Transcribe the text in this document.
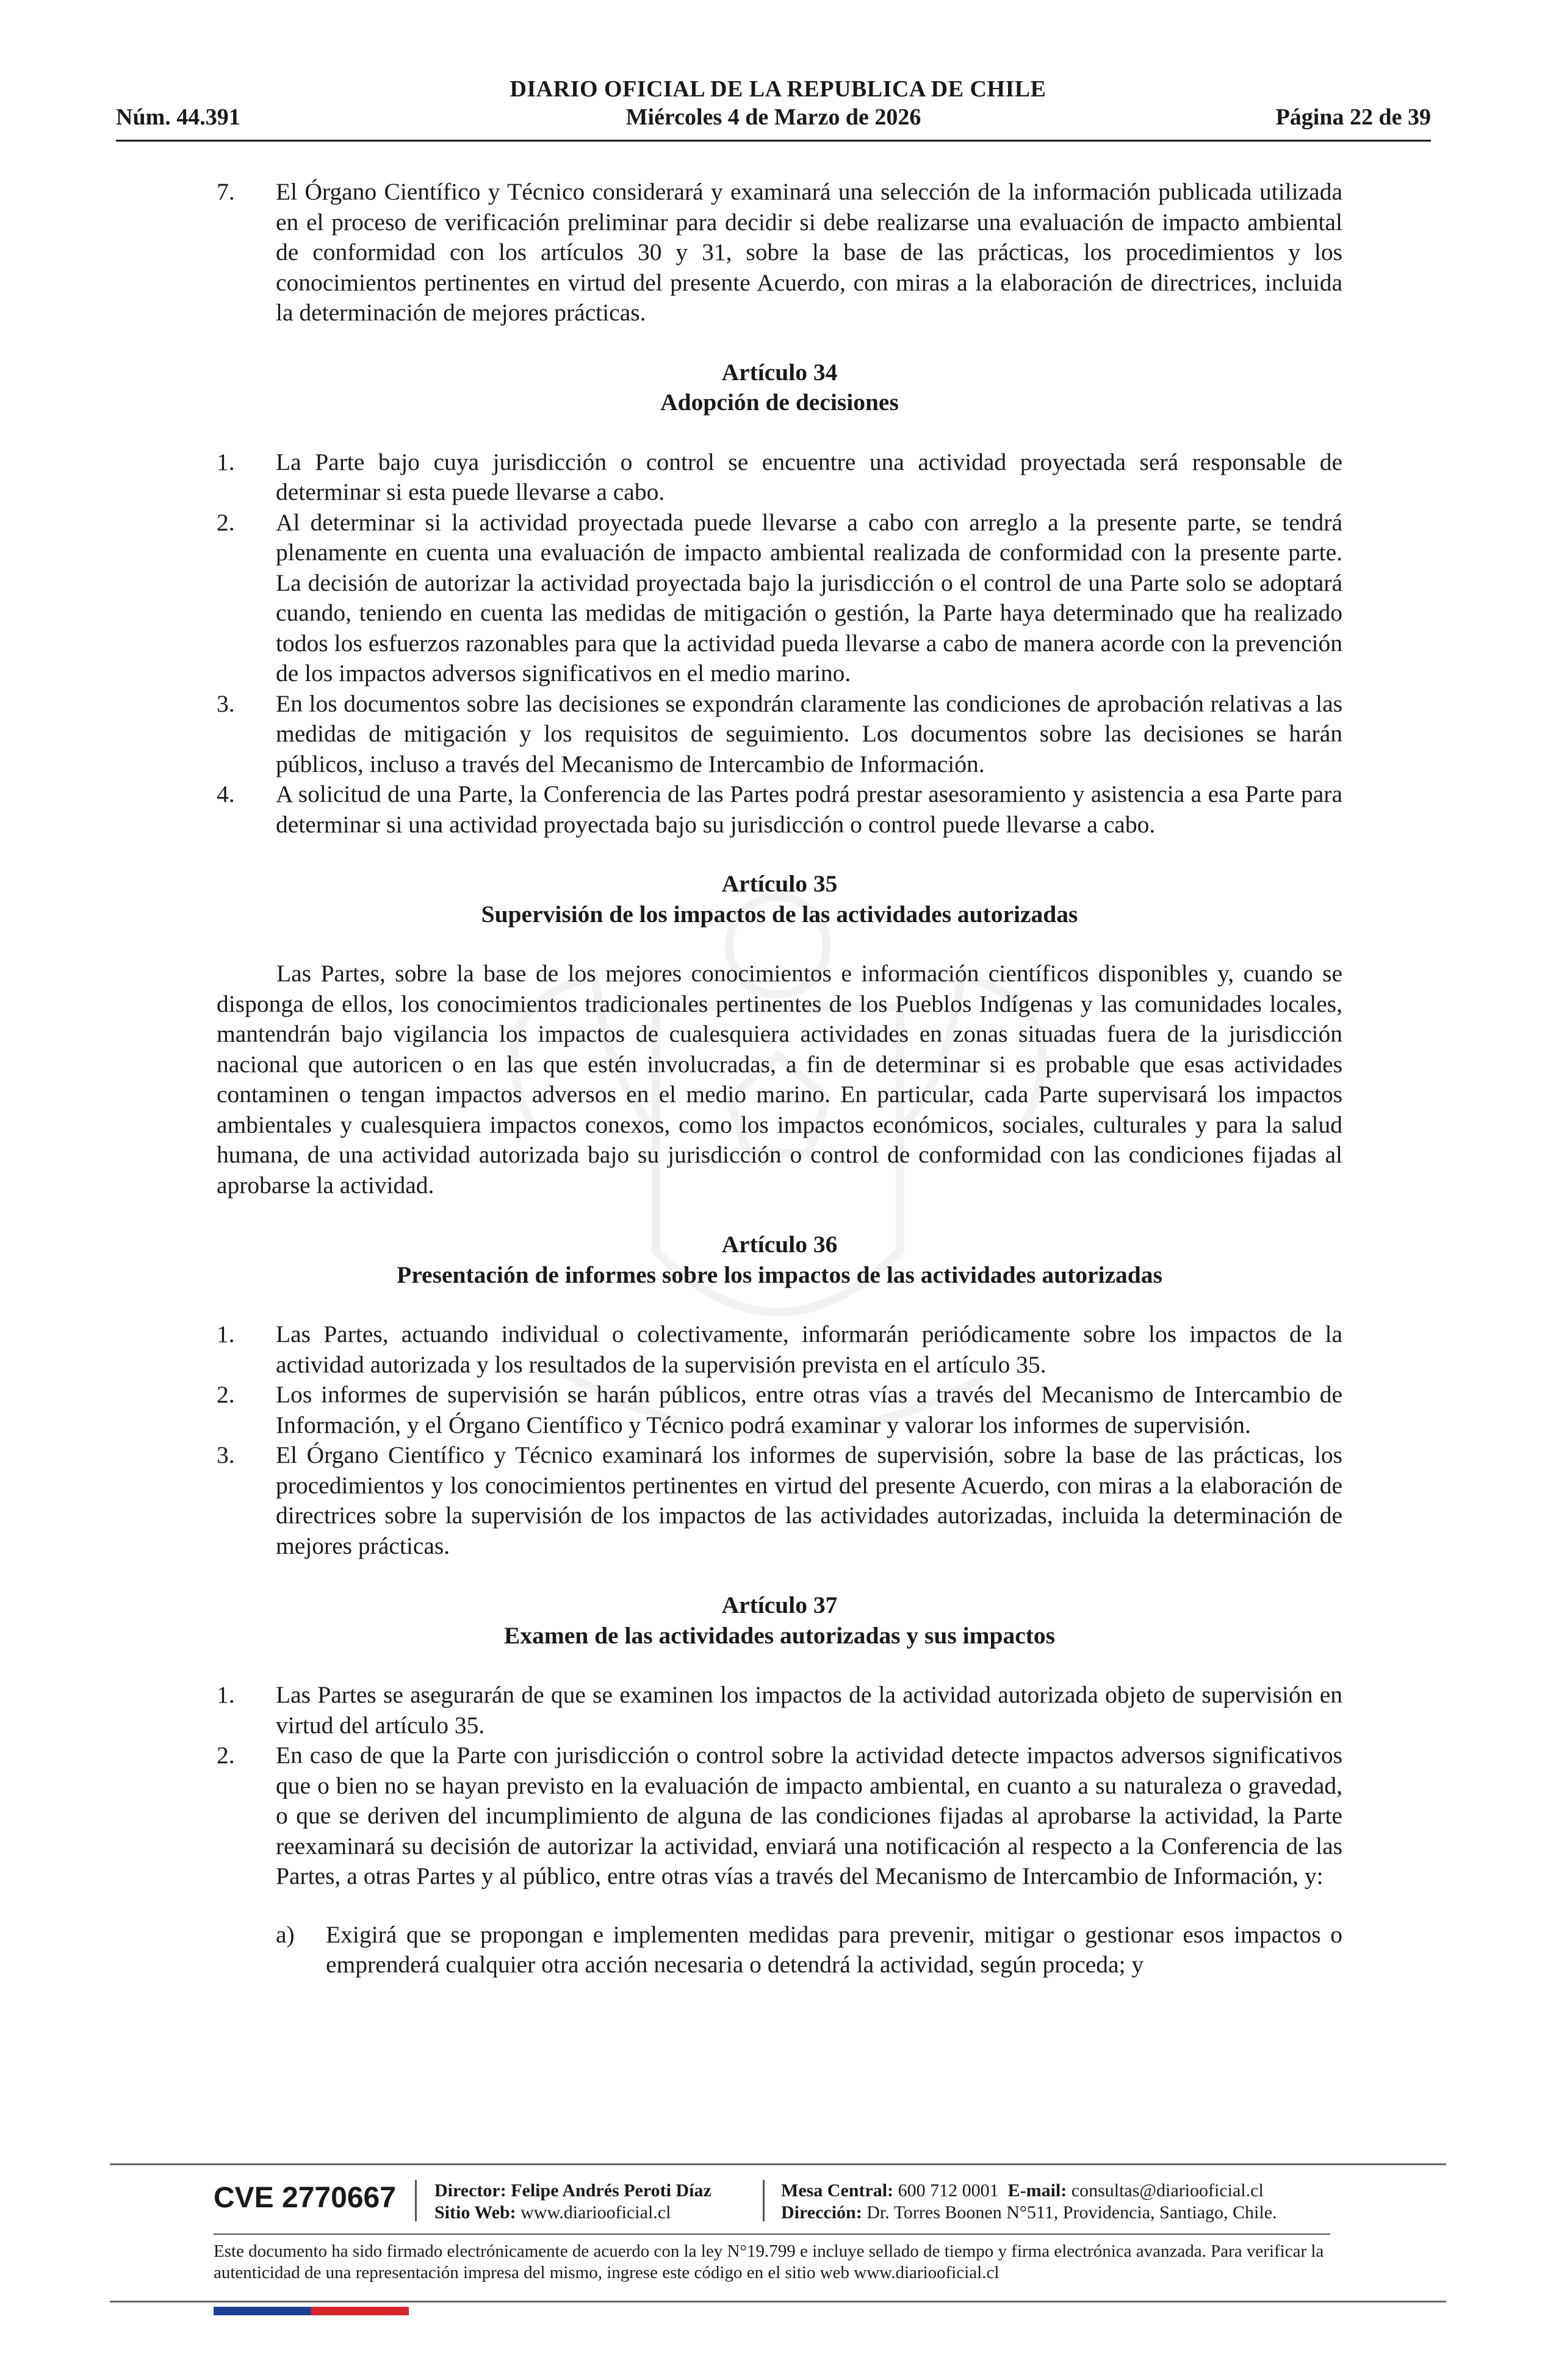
DIARIO OFICIAL DE LA REPUBLICA DE CHILE
Núm. 44.391	Miércoles 4 de Marzo de 2026	Página 22 de 39
7. El Órgano Científico y Técnico considerará y examinará una selección de la información publicada utilizada en el proceso de verificación preliminar para decidir si debe realizarse una evaluación de impacto ambiental de conformidad con los artículos 30 y 31, sobre la base de las prácticas, los procedimientos y los conocimientos pertinentes en virtud del presente Acuerdo, con miras a la elaboración de directrices, incluida la determinación de mejores prácticas.
Artículo 34
Adopción de decisiones
1. La Parte bajo cuya jurisdicción o control se encuentre una actividad proyectada será responsable de determinar si esta puede llevarse a cabo.
2. Al determinar si la actividad proyectada puede llevarse a cabo con arreglo a la presente parte, se tendrá plenamente en cuenta una evaluación de impacto ambiental realizada de conformidad con la presente parte. La decisión de autorizar la actividad proyectada bajo la jurisdicción o el control de una Parte solo se adoptará cuando, teniendo en cuenta las medidas de mitigación o gestión, la Parte haya determinado que ha realizado todos los esfuerzos razonables para que la actividad pueda llevarse a cabo de manera acorde con la prevención de los impactos adversos significativos en el medio marino.
3. En los documentos sobre las decisiones se expondrán claramente las condiciones de aprobación relativas a las medidas de mitigación y los requisitos de seguimiento. Los documentos sobre las decisiones se harán públicos, incluso a través del Mecanismo de Intercambio de Información.
4. A solicitud de una Parte, la Conferencia de las Partes podrá prestar asesoramiento y asistencia a esa Parte para determinar si una actividad proyectada bajo su jurisdicción o control puede llevarse a cabo.
Artículo 35
Supervisión de los impactos de las actividades autorizadas
Las Partes, sobre la base de los mejores conocimientos e información científicos disponibles y, cuando se disponga de ellos, los conocimientos tradicionales pertinentes de los Pueblos Indígenas y las comunidades locales, mantendrán bajo vigilancia los impactos de cualesquiera actividades en zonas situadas fuera de la jurisdicción nacional que autoricen o en las que estén involucradas, a fin de determinar si es probable que esas actividades contaminen o tengan impactos adversos en el medio marino. En particular, cada Parte supervisará los impactos ambientales y cualesquiera impactos conexos, como los impactos económicos, sociales, culturales y para la salud humana, de una actividad autorizada bajo su jurisdicción o control de conformidad con las condiciones fijadas al aprobarse la actividad.
Artículo 36
Presentación de informes sobre los impactos de las actividades autorizadas
1. Las Partes, actuando individual o colectivamente, informarán periódicamente sobre los impactos de la actividad autorizada y los resultados de la supervisión prevista en el artículo 35.
2. Los informes de supervisión se harán públicos, entre otras vías a través del Mecanismo de Intercambio de Información, y el Órgano Científico y Técnico podrá examinar y valorar los informes de supervisión.
3. El Órgano Científico y Técnico examinará los informes de supervisión, sobre la base de las prácticas, los procedimientos y los conocimientos pertinentes en virtud del presente Acuerdo, con miras a la elaboración de directrices sobre la supervisión de los impactos de las actividades autorizadas, incluida la determinación de mejores prácticas.
Artículo 37
Examen de las actividades autorizadas y sus impactos
1. Las Partes se asegurarán de que se examinen los impactos de la actividad autorizada objeto de supervisión en virtud del artículo 35.
2. En caso de que la Parte con jurisdicción o control sobre la actividad detecte impactos adversos significativos que o bien no se hayan previsto en la evaluación de impacto ambiental, en cuanto a su naturaleza o gravedad, o que se deriven del incumplimiento de alguna de las condiciones fijadas al aprobarse la actividad, la Parte reexaminará su decisión de autorizar la actividad, enviará una notificación al respecto a la Conferencia de las Partes, a otras Partes y al público, entre otras vías a través del Mecanismo de Intercambio de Información, y:
a) Exigirá que se propongan e implementen medidas para prevenir, mitigar o gestionar esos impactos o emprenderá cualquier otra acción necesaria o detendrá la actividad, según proceda; y
CVE 2770667 Director: Felipe Andrés Peroti Díaz
Sitio Web: www.diariooficial.cl
Mesa Central: 600 712 0001 E-mail: consultas@diariooficial.cl
Dirección: Dr. Torres Boonen N°511, Providencia, Santiago, Chile.
Este documento ha sido firmado electrónicamente de acuerdo con la ley N°19.799 e incluye sellado de tiempo y firma electrónica avanzada. Para verificar la autenticidad de una representación impresa del mismo, ingrese este código en el sitio web www.diariooficial.cl
